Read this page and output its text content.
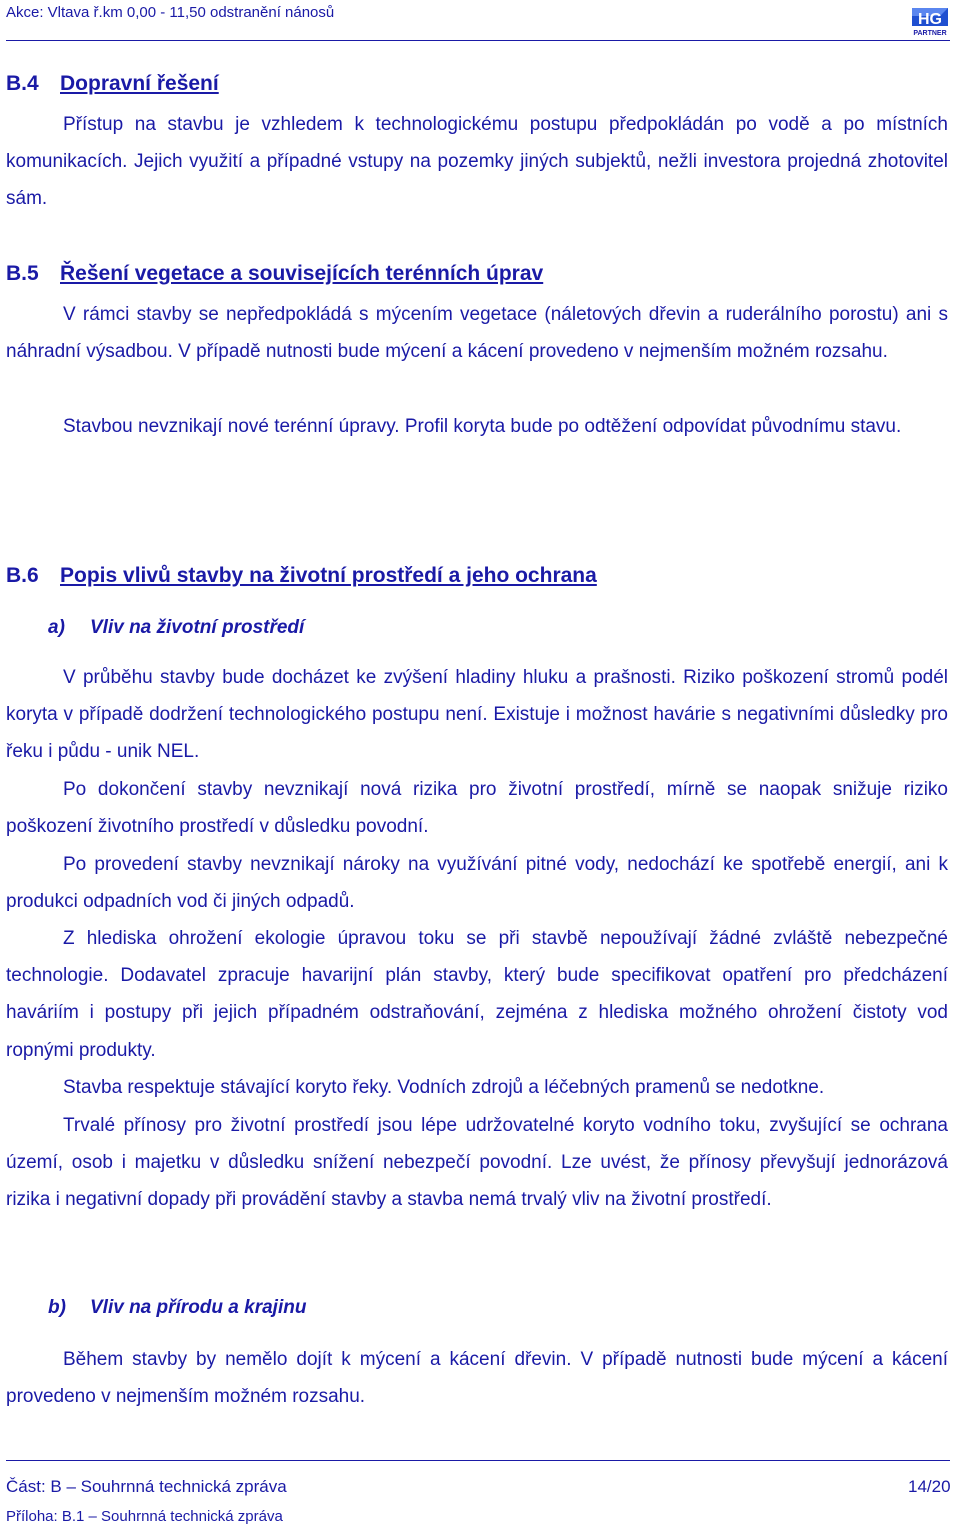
Akce: Vltava ř.km 0,00 - 11,50 odstranění nánosů	HG
PARTNER
B.4 Dopravní řešení
Přístup na stavbu je vzhledem k technologickému postupu předpokládán po vodě a po místních komunikacích. Jejich využití a případné vstupy na pozemky jiných subjektů, nežli investora projedná zhotovitel sám.
B.5 Řešení vegetace a souvisejících terénních úprav
V rámci stavby se nepředpokládá s mýcením vegetace (náletových dřevin a ruderálního porostu) ani s náhradní výsadbou. V případě nutnosti bude mýcení a kácení provedeno v nejmenším možném rozsahu.
Stavbou nevznikají nové terénní úpravy. Profil koryta bude po odtěžení odpovídat původnímu stavu.
B.6 Popis vlivů stavby na životní prostředí a jeho ochrana
a) Vliv na životní prostředí
V průběhu stavby bude docházet ke zvýšení hladiny hluku a prašnosti. Riziko poškození stromů podél koryta v případě dodržení technologického postupu není. Existuje i možnost havárie s negativními důsledky pro řeku i půdu - unik NEL.
Po dokončení stavby nevznikají nová rizika pro životní prostředí, mírně se naopak snižuje riziko poškození životního prostředí v důsledku povodní.
Po provedení stavby nevznikají nároky na využívání pitné vody, nedochází ke spotřebě energií, ani k produkci odpadních vod či jiných odpadů.
Z hlediska ohrožení ekologie úpravou toku se při stavbě nepoužívají žádné zvláště nebezpečné technologie. Dodavatel zpracuje havarijní plán stavby, který bude specifikovat opatření pro předcházení haváriím i postupy při jejich případném odstraňování, zejména z hlediska možného ohrožení čistoty vod ropnými produkty.
Stavba respektuje stávající koryto řeky. Vodních zdrojů a léčebných pramenů se nedotkne.
Trvalé přínosy pro životní prostředí jsou lépe udržovatelné koryto vodního toku, zvyšující se ochrana území, osob i majetku v důsledku snížení nebezpečí povodní. Lze uvést, že přínosy převyšují jednorázová rizika i negativní dopady při provádění stavby a stavba nemá trvalý vliv na životní prostředí.
b) Vliv na přírodu a krajinu
Během stavby by nemělo dojít k mýcení a kácení dřevin. V případě nutnosti bude mýcení a kácení provedeno v nejmenším možném rozsahu.
Část: B – Souhrnná technická zpráva	14/20
Příloha: B.1 – Souhrnná technická zpráva
